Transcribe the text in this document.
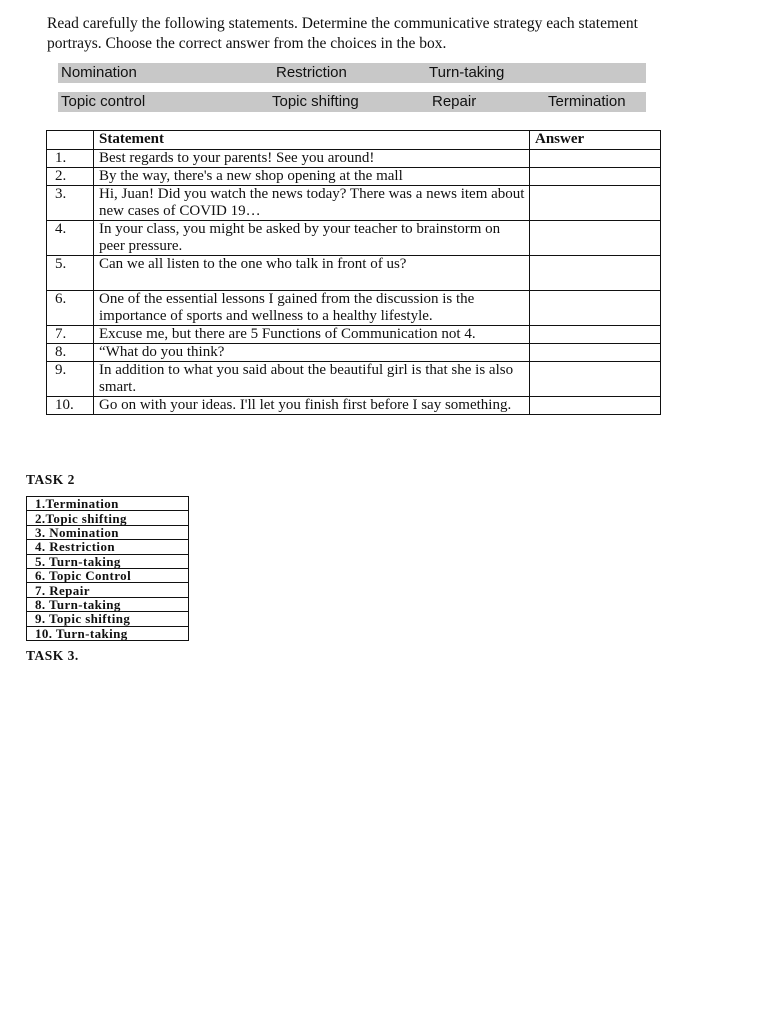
Read carefully the following statements. Determine the communicative strategy each statement portrays. Choose the correct answer from the choices in the box.
Nomination	Restriction	Turn-taking
Topic control	Topic shifting	Repair	Termination
	Statement	Answer
1.	Best regards to your parents! See you around!	
2.	By the way, there's a new shop opening at the mall	
3.	Hi, Juan! Did you watch the news today? There was a news item about new cases of COVID 19…	
4.	In your class, you might be asked by your teacher to brainstorm on peer pressure.	
5.	Can we all listen to the one who talk in front of us?	
6.	One of the essential lessons I gained from the discussion is the importance of sports and wellness to a healthy lifestyle.	
7.	Excuse me, but there are 5 Functions of Communication not 4.	
8.	“What do you think?	
9.	In addition to what you said about the beautiful girl is that she is also smart.	
10.	Go on with your ideas. I'll let you finish first before I say something.	
TASK 2
1.Termination
2.Topic shifting
3. Nomination
4. Restriction
5. Turn-taking
6. Topic Control
7. Repair
8. Turn-taking
9. Topic shifting
10. Turn-taking
TASK 3.
